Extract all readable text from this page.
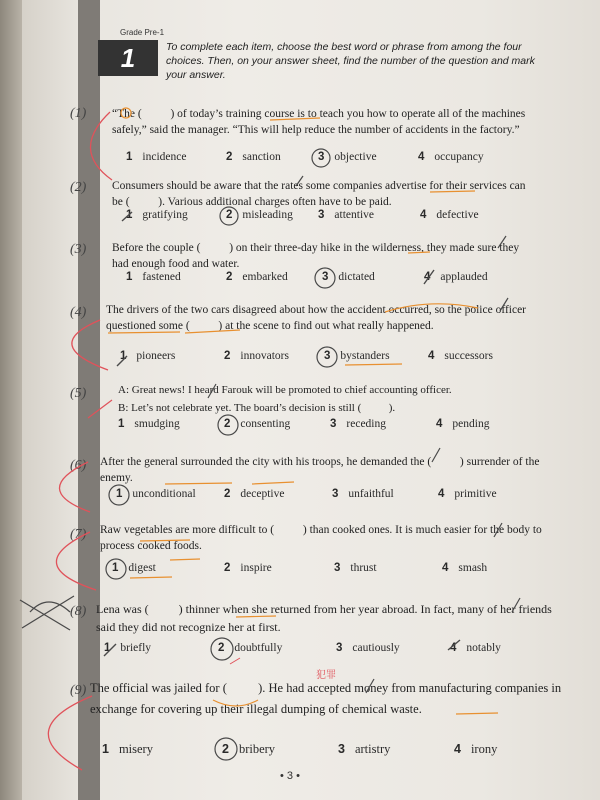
Grade Pre-1
1	To complete each item, choose the best word or phrase from among the four choices. Then, on your answer sheet, find the number of the question and mark your answer.
(1) “The (          ) of today’s training course is to teach you how to operate all of the machines safely,” said the manager. “This will help reduce the number of accidents in the factory.”
1 incidence	2 sanction	3 objective	4 occupancy
(2) Consumers should be aware that the rates some companies advertise for their services can be (          ). Various additional charges often have to be paid.
1 gratifying	2 misleading 3 attentive	4 defective
(3) Before the couple (          ) on their three-day hike in the wilderness, they made sure they had enough food and water.
1 fastened	2 embarked	3 dictated	4 applauded
(4) The drivers of the two cars disagreed about how the accident occurred, so the police officer questioned some (          ) at the scene to find out what really happened.
1 pioneers	2 innovators	3 bystanders	4 successors
(5)	A: Great news! I heard Farouk will be promoted to chief accounting officer.
B: Let’s not celebrate yet. The board’s decision is still (          ).
1 smudging	2 consenting	3 receding	4 pending
(6) After the general surrounded the city with his troops, he demanded the (          ) surrender of the enemy.
1 unconditional 2 deceptive	3 unfaithful	4 primitive
(7) Raw vegetables are more difficult to (          ) than cooked ones. It is much easier for the body to process cooked foods.
1 digest	2 inspire	3 thrust	4 smash
(8) Lena was (          ) thinner when she returned from her year abroad. In fact, many of her friends said they did not recognize her at first.
1 briefly	2 doubtfully	3 cautiously	4 notably
(9) The official was jailed for (          ). He had accepted money from manufacturing companies in exchange for covering up their illegal dumping of chemical waste.
1 misery	2 bribery	3 artistry	4 irony
• 3 •
犯罪
